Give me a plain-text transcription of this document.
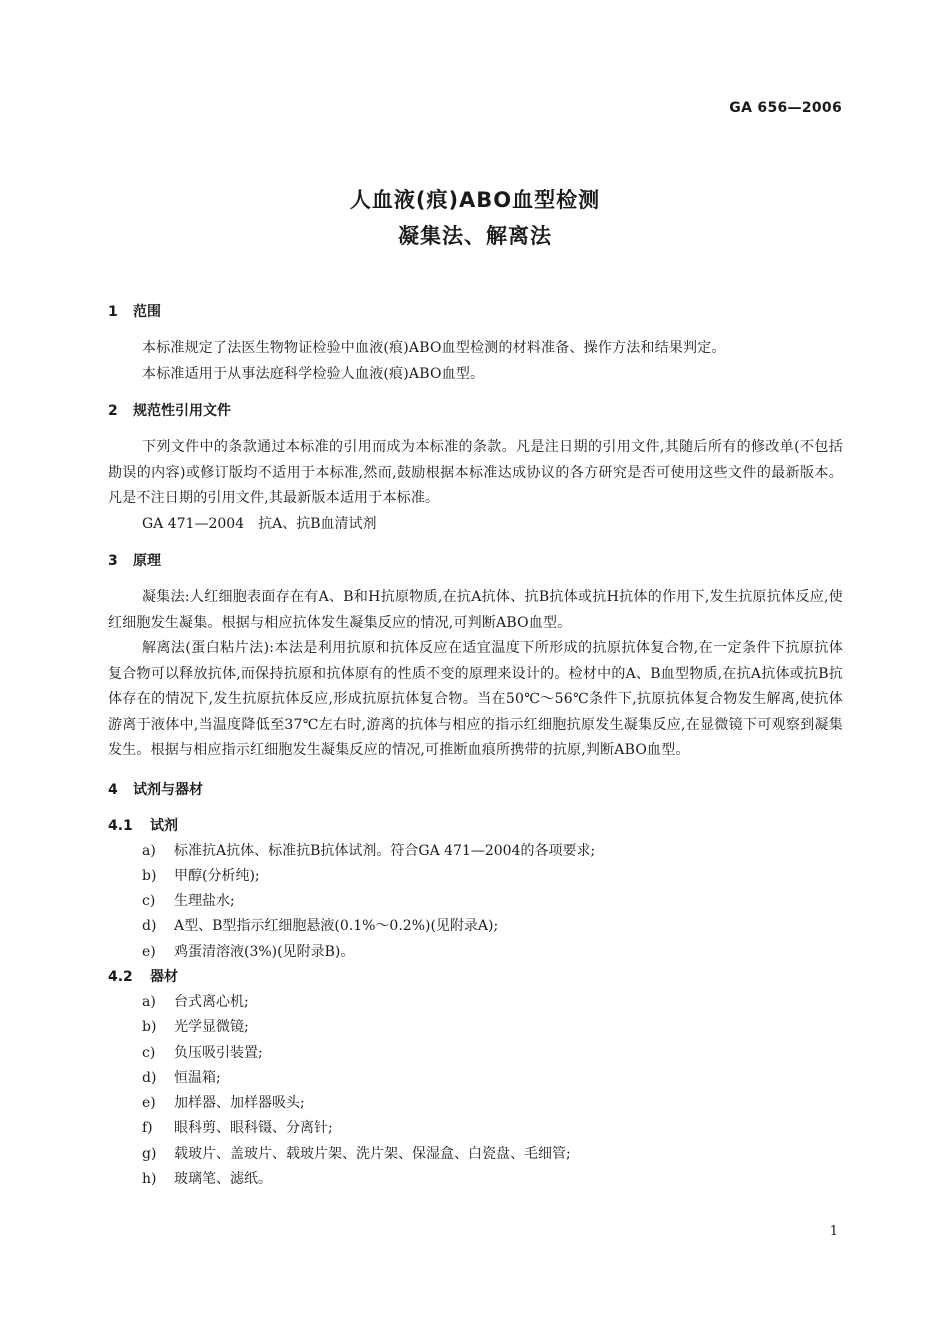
GA 656—2006
人血液(痕)ABO血型检测
凝集法、解离法
1 范围
本标准规定了法医生物物证检验中血液(痕)ABO血型检测的材料准备、操作方法和结果判定。
本标准适用于从事法庭科学检验人血液(痕)ABO血型。
2 规范性引用文件
下列文件中的条款通过本标准的引用而成为本标准的条款。凡是注日期的引用文件,其随后所有的修改单(不包括勘误的内容)或修订版均不适用于本标准,然而,鼓励根据本标准达成协议的各方研究是否可使用这些文件的最新版本。凡是不注日期的引用文件,其最新版本适用于本标准。
GA 471—2004　抗A、抗B血清试剂
3 原理
凝集法:人红细胞表面存在有A、B和H抗原物质,在抗A抗体、抗B抗体或抗H抗体的作用下,发生抗原抗体反应,使红细胞发生凝集。根据与相应抗体发生凝集反应的情况,可判断ABO血型。
解离法(蛋白粘片法):本法是利用抗原和抗体反应在适宜温度下所形成的抗原抗体复合物,在一定条件下抗原抗体复合物可以释放抗体,而保持抗原和抗体原有的性质不变的原理来设计的。检材中的A、B血型物质,在抗A抗体或抗B抗体存在的情况下,发生抗原抗体反应,形成抗原抗体复合物。当在50℃～56℃条件下,抗原抗体复合物发生解离,使抗体游离于液体中,当温度降低至37℃左右时,游离的抗体与相应的指示红细胞抗原发生凝集反应,在显微镜下可观察到凝集发生。根据与相应指示红细胞发生凝集反应的情况,可推断血痕所携带的抗原,判断ABO血型。
4 试剂与器材
4.1 试剂
a) 标准抗A抗体、标准抗B抗体试剂。符合GA 471—2004的各项要求;
b) 甲醇(分析纯);
c) 生理盐水;
d) A型、B型指示红细胞悬液(0.1%～0.2%)(见附录A);
e) 鸡蛋清溶液(3%)(见附录B)。
4.2 器材
a) 台式离心机;
b) 光学显微镜;
c) 负压吸引装置;
d) 恒温箱;
e) 加样器、加样器吸头;
f) 眼科剪、眼科镊、分离针;
g) 载玻片、盖玻片、载玻片架、洗片架、保湿盒、白瓷盘、毛细管;
h) 玻璃笔、滤纸。
1
